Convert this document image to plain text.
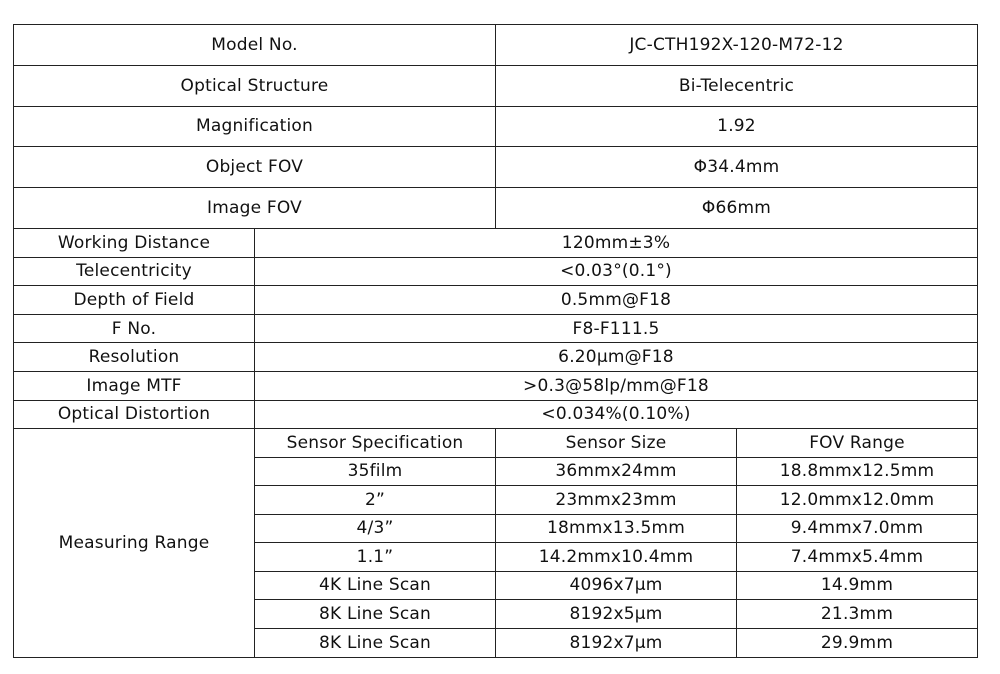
Model No.	JC-CTH192X-120-M72-12
Optical Structure	Bi-Telecentric
Magnification	1.92
Object FOV	Φ34.4mm
Image FOV	Φ66mm
Working Distance	120mm±3%
Telecentricity	<0.03°(0.1°)
Depth of Field	0.5mm@F18
F No.	F8-F111.5
Resolution	6.20μm@F18
Image MTF	>0.3@58lp/mm@F18
Optical Distortion	<0.034%(0.10%)
Measuring Range
Sensor Specification	Sensor Size	FOV Range
35film	36mmx24mm	18.8mmx12.5mm
2”	23mmx23mm	12.0mmx12.0mm
4/3”	18mmx13.5mm	9.4mmx7.0mm
1.1”	14.2mmx10.4mm	7.4mmx5.4mm
4K Line Scan	4096x7μm	14.9mm
8K Line Scan	8192x5μm	21.3mm
8K Line Scan	8192x7μm	29.9mm
